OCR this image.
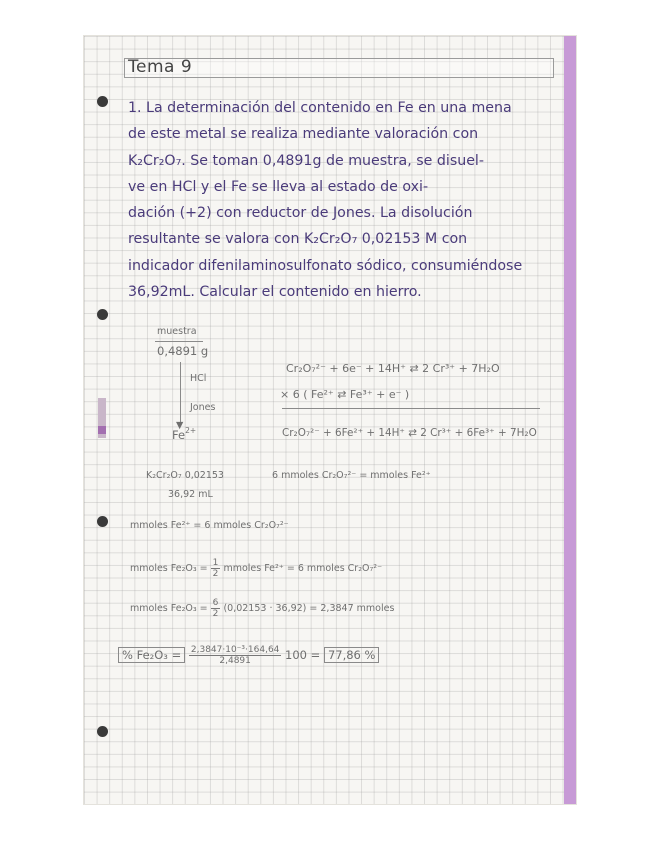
Tema 9
1. La determinación del contenido en Fe en una mena
de este metal se realiza mediante valoración con
K₂Cr₂O₇. Se toman 0,4891g de muestra, se disuel-
ve en HCl y el Fe se lleva al estado de oxi-
dación (+2) con reductor de Jones. La disolución
resultante se valora con K₂Cr₂O₇ 0,02153 M con
indicador difenilaminosulfonato sódico, consumiéndose
36,92mL. Calcular el contenido en hierro.
muestra
0,4891 g
▼
HCl
Jones
$Fe^{2+}$
Cr₂O₇²⁻ + 6e⁻ + 14H⁺ ⇄ 2 Cr³⁺ + 7H₂O
× 6 ( Fe²⁺ ⇄ Fe³⁺ + e⁻ )
Cr₂O₇²⁻ + 6Fe²⁺ + 14H⁺ ⇄ 2 Cr³⁺ + 6Fe³⁺ + 7H₂O
K₂Cr₂O₇ 0,02153
36,92 mL
6 mmoles Cr₂O₇²⁻ = mmoles Fe²⁺
mmoles Fe²⁺ = 6 mmoles Cr₂O₇²⁻
mmoles $Fe_2O_3 = \frac{1}{2}$ mmoles Fe²⁺ = 6 mmoles Cr₂O₇²⁻
mmoles $Fe_2O_3 = \frac{6}{2} (0,02153 \cdot 36,92) = 2,3847$ mmoles
% $Fe_2O_3 = \frac{\text{2,3847·10⁻³·164,64}}{2,4891} 100 = 77,86$ %
